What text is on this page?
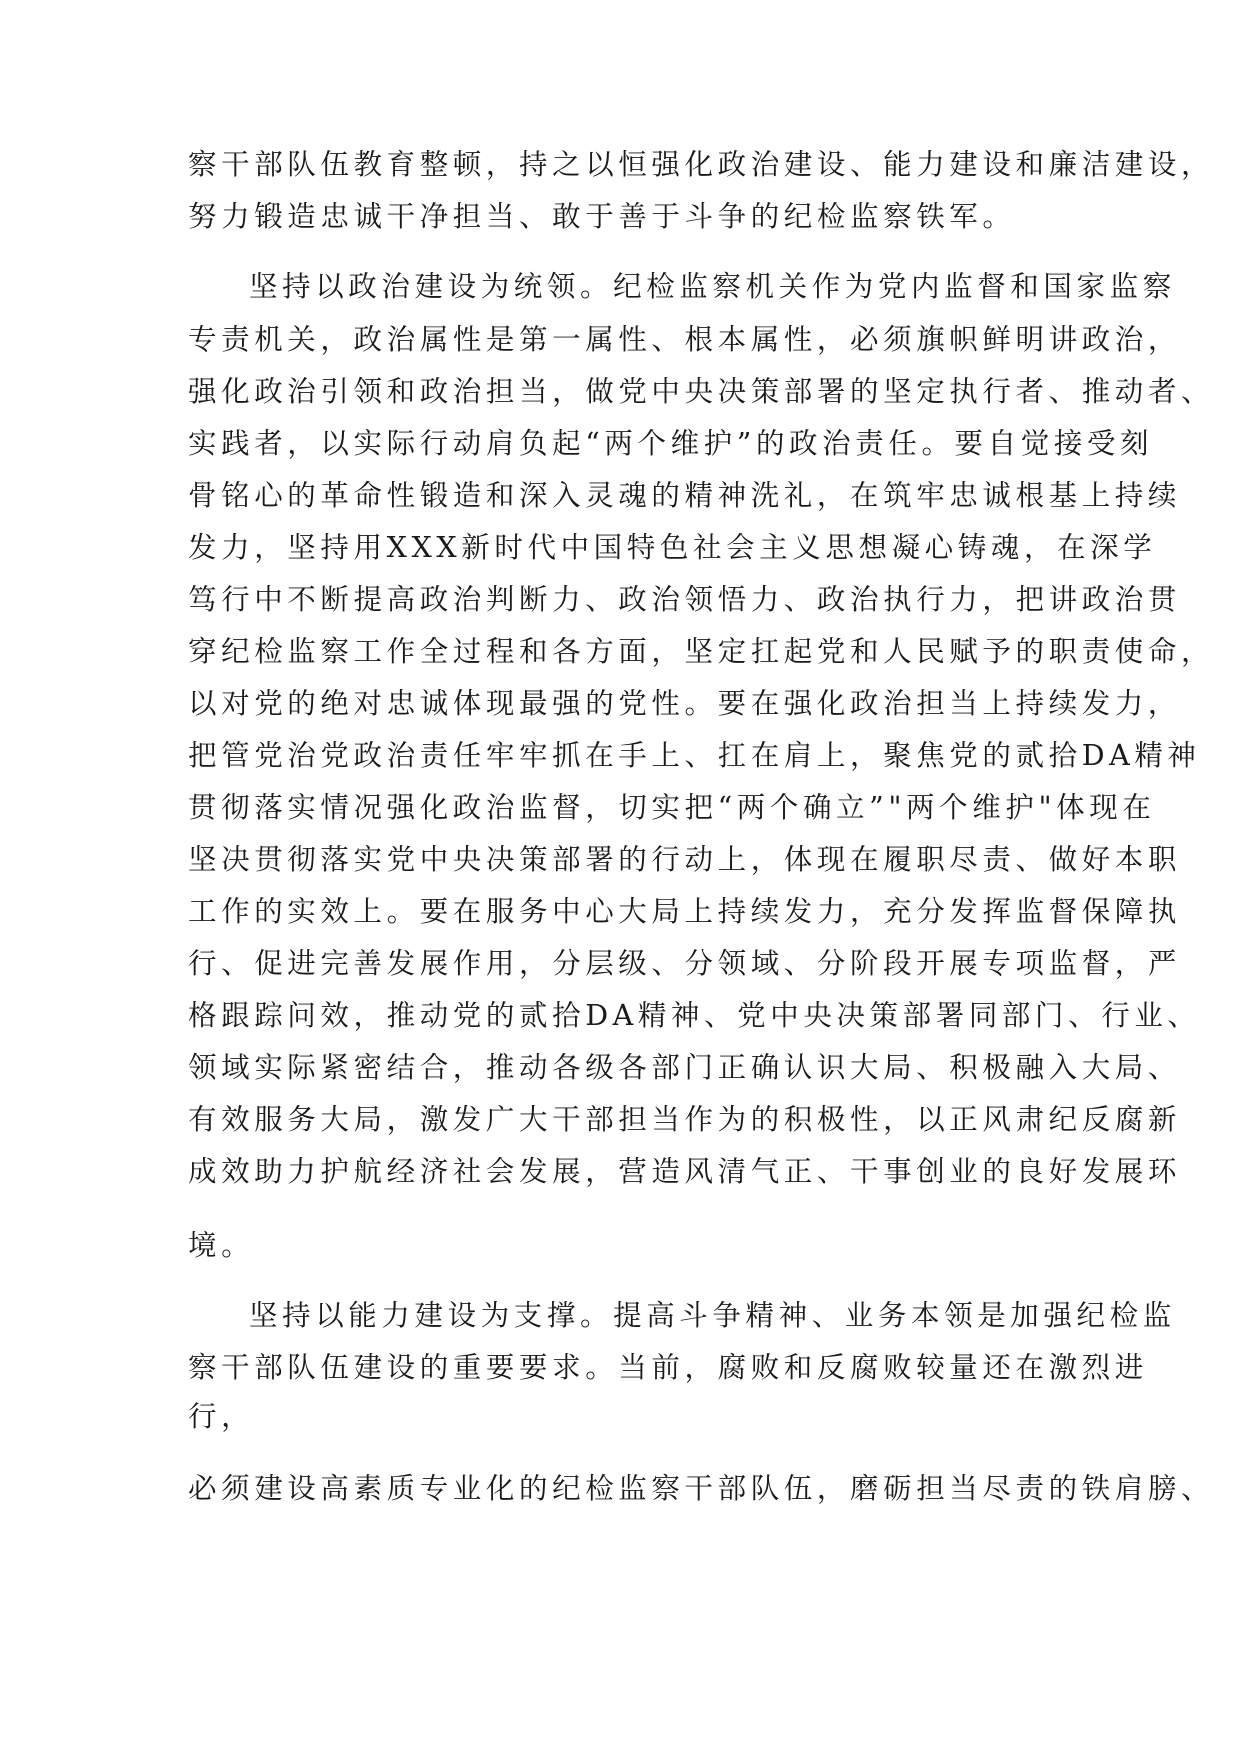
察干部队伍教育整顿，持之以恒强化政治建设、能力建设和廉洁建设，
努力锻造忠诚干净担当、敢于善于斗争的纪检监察铁军。
坚持以政治建设为统领。纪检监察机关作为党内监督和国家监察
专责机关，政治属性是第一属性、根本属性，必须旗帜鲜明讲政治，
强化政治引领和政治担当，做党中央决策部署的坚定执行者、推动者、
实践者，以实际行动肩负起“两个维护”的政治责任。要自觉接受刻
骨铭心的革命性锻造和深入灵魂的精神洗礼，在筑牢忠诚根基上持续
发力，坚持用XXX新时代中国特色社会主义思想凝心铸魂，在深学
笃行中不断提高政治判断力、政治领悟力、政治执行力，把讲政治贯
穿纪检监察工作全过程和各方面，坚定扛起党和人民赋予的职责使命，
以对党的绝对忠诚体现最强的党性。要在强化政治担当上持续发力，
把管党治党政治责任牢牢抓在手上、扛在肩上，聚焦党的贰拾DA精神
贯彻落实情况强化政治监督，切实把“两个确立”"两个维护"体现在
坚决贯彻落实党中央决策部署的行动上，体现在履职尽责、做好本职
工作的实效上。要在服务中心大局上持续发力，充分发挥监督保障执
行、促进完善发展作用，分层级、分领域、分阶段开展专项监督，严
格跟踪问效，推动党的贰拾DA精神、党中央决策部署同部门、行业、
领域实际紧密结合，推动各级各部门正确认识大局、积极融入大局、
有效服务大局，激发广大干部担当作为的积极性，以正风肃纪反腐新
成效助力护航经济社会发展，营造风清气正、干事创业的良好发展环
境。
坚持以能力建设为支撑。提高斗争精神、业务本领是加强纪检监
察干部队伍建设的重要要求。当前，腐败和反腐败较量还在激烈进
行，
必须建设高素质专业化的纪检监察干部队伍，磨砺担当尽责的铁肩膀、
